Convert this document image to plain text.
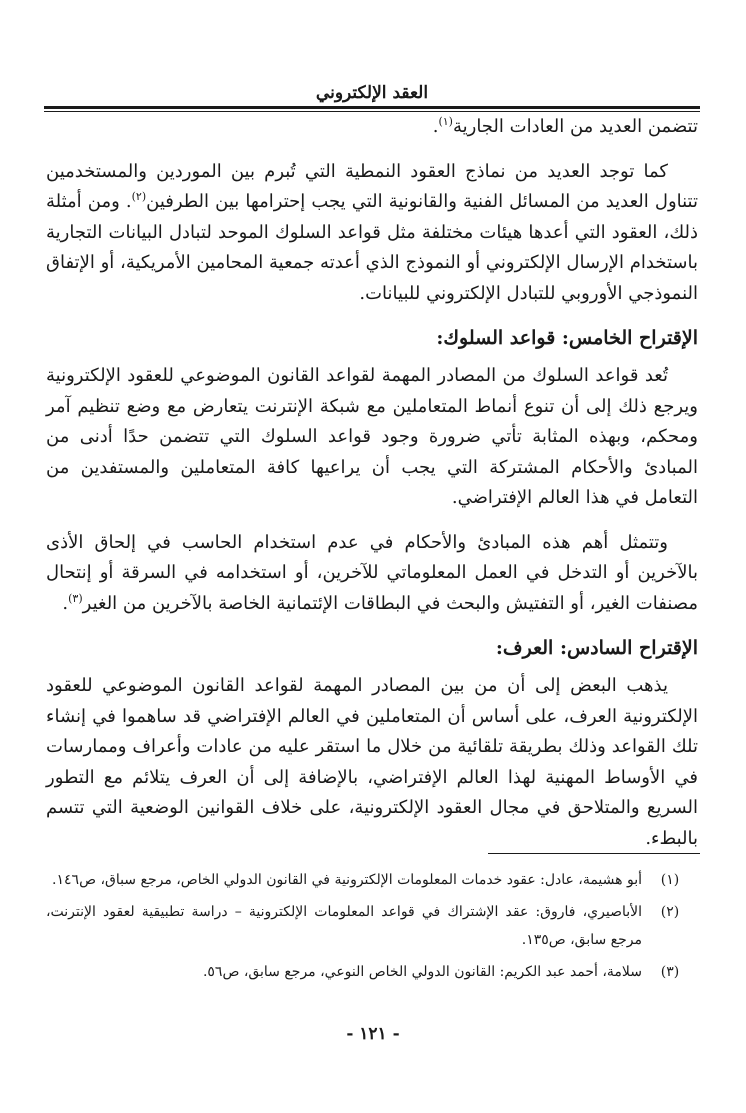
العقد الإلكتروني

تتضمن العديد من العادات الجارية$^{(١)}$.

كما توجد العديد من نماذج العقود النمطية التي تُبرم بين الموردين والمستخدمين تتناول العديد من المسائل الفنية والقانونية التي يجب إحترامها بين الطرفين$^{(٢)}$. ومن أمثلة ذلك، العقود التي أعدها هيئات مختلفة مثل قواعد السلوك الموحد لتبادل البيانات التجارية باستخدام الإرسال الإلكتروني أو النموذج الذي أعدته جمعية المحامين الأمريكية، أو الإتفاق النموذجي الأوروبي للتبادل الإلكتروني للبيانات.

الإقتراح الخامس: قواعد السلوك:

تُعد قواعد السلوك من المصادر المهمة لقواعد القانون الموضوعي للعقود الإلكترونية ويرجع ذلك إلى أن تنوع أنماط المتعاملين مع شبكة الإنترنت يتعارض مع وضع تنظيم آمر ومحكم، وبهذه المثابة تأتي ضرورة وجود قواعد السلوك التي تتضمن حدًا أدنى من المبادئ والأحكام المشتركة التي يجب أن يراعيها كافة المتعاملين والمستفدين من التعامل في هذا العالم الإفتراضي.

وتتمثل أهم هذه المبادئ والأحكام في عدم استخدام الحاسب في إلحاق الأذى بالآخرين أو التدخل في العمل المعلوماتي للآخرين، أو استخدامه في السرقة أو إنتحال مصنفات الغير، أو التفتيش والبحث في البطاقات الإئتمانية الخاصة بالآخرين من الغير$^{(٣)}$.

الإقتراح السادس: العرف:

يذهب البعض إلى أن من بين المصادر المهمة لقواعد القانون الموضوعي للعقود الإلكترونية العرف، على أساس أن المتعاملين في العالم الإفتراضي قد ساهموا في إنشاء تلك القواعد وذلك بطريقة تلقائية من خلال ما استقر عليه من عادات وأعراف وممارسات في الأوساط المهنية لهذا العالم الإفتراضي، بالإضافة إلى أن العرف يتلائم مع التطور السريع والمتلاحق في مجال العقود الإلكترونية، على خلاف القوانين الوضعية التي تتسم بالبطء.

(١)
أبو هشيمة، عادل: عقود خدمات المعلومات الإلكترونية في القانون الدولي الخاص، مرجع سباق، ص١٤٦.
(٢)
الأباصيري، فاروق: عقد الإشتراك في قواعد المعلومات الإلكترونية – دراسة تطبيقية لعقود الإنترنت، مرجع سابق، ص١٣٥.
(٣)
سلامة، أحمد عبد الكريم: القانون الدولي الخاص النوعي، مرجع سابق، ص٥٦.
- ١٢١ -
